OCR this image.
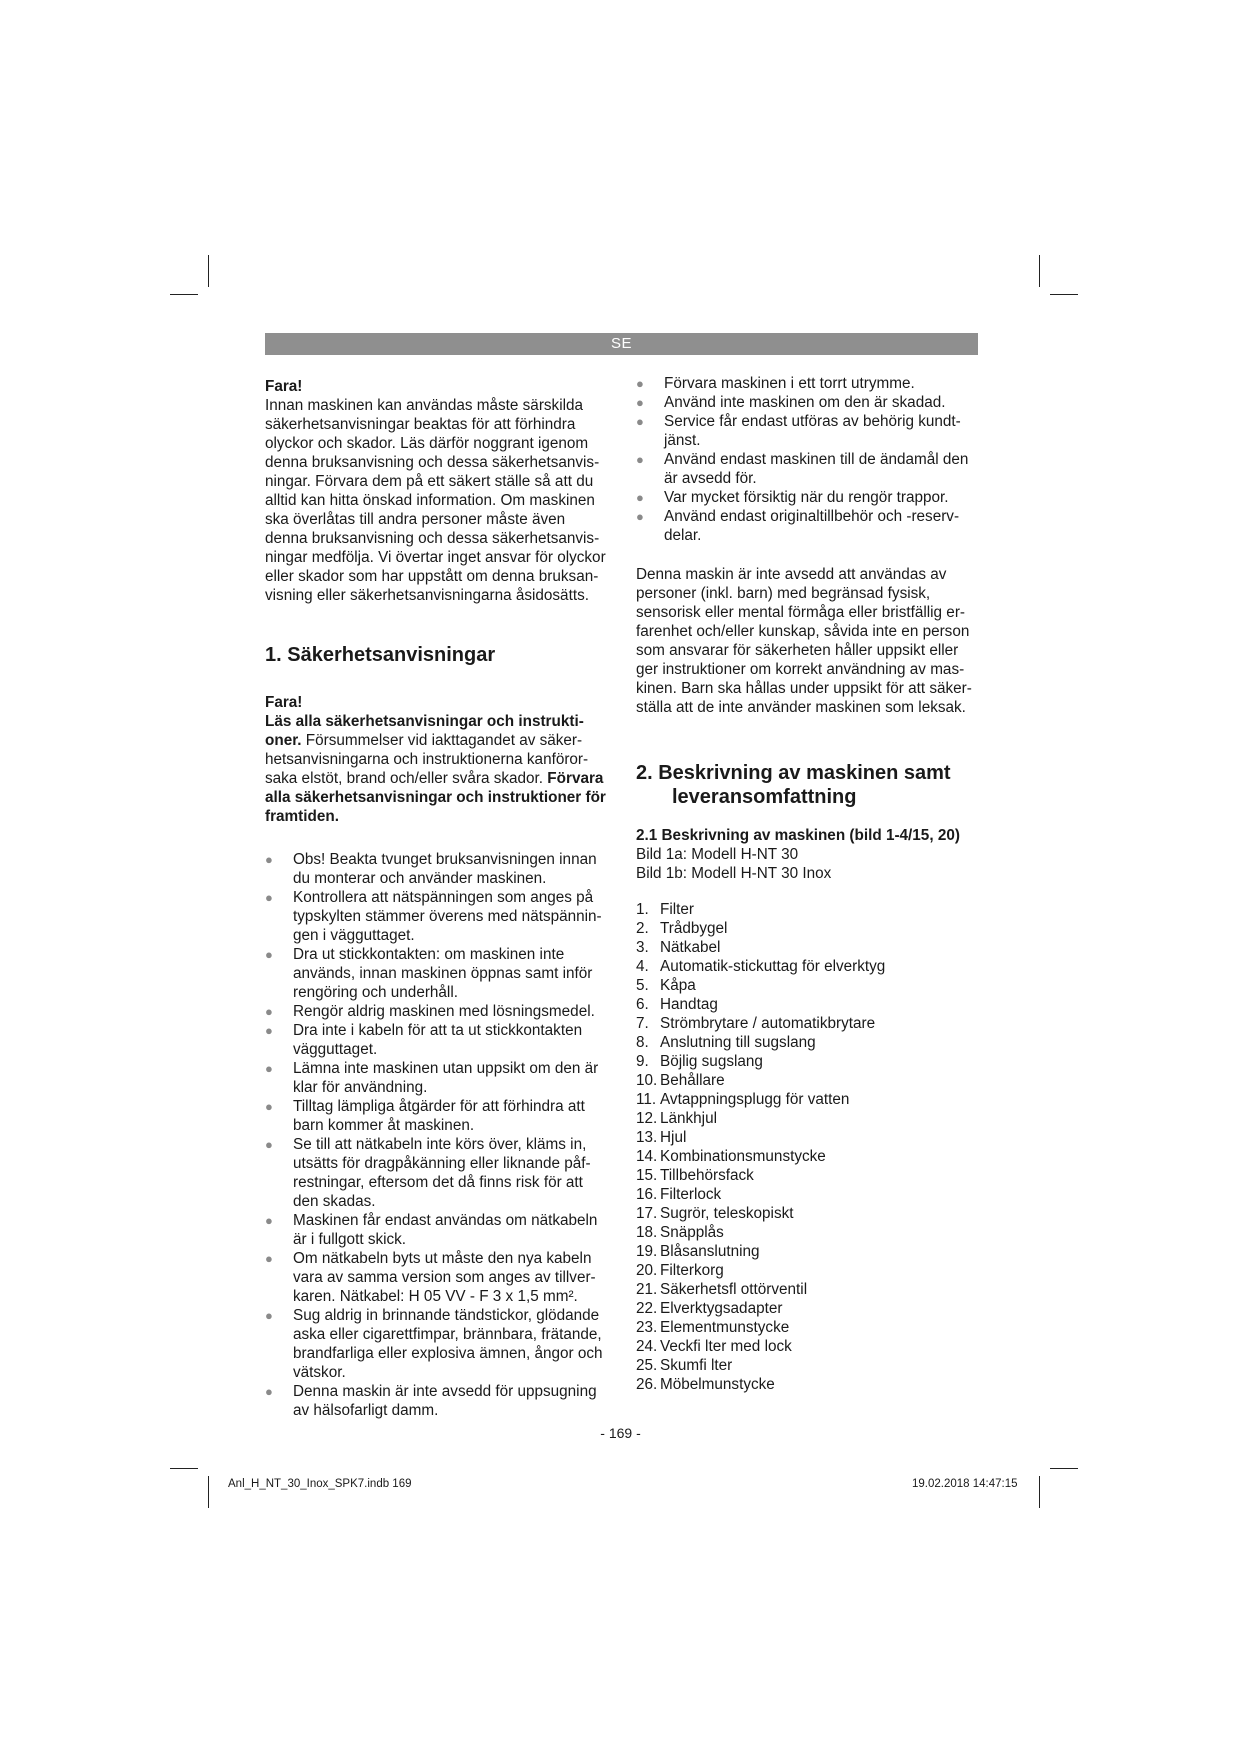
SE

Fara!

Innan maskinen kan användas måste särskilda säkerhetsanvisningar beaktas för att förhindra olyckor och skador. Läs därför noggrant igenom denna bruksanvisning och dessa säkerhetsanvis-ningar. Förvara dem på ett säkert ställe så att du alltid kan hitta önskad information. Om maskinen ska överlåtas till andra personer måste även denna bruksanvisning och dessa säkerhetsanvis-ningar medfölja. Vi övertar inget ansvar för olyckor eller skador som har uppstått om denna bruksan-visning eller säkerhetsanvisningarna åsidosätts.

1. Säkerhetsanvisningar

Fara!

Läs alla säkerhetsanvisningar och instrukti-oner. Försummelser vid iakttagandet av säker-hetsanvisningarna och instruktionerna kanföror-saka elstöt, brand och/eller svåra skador. Förvara alla säkerhetsanvisningar och instruktioner för framtiden.

●	Obs! Beakta tvunget bruksanvisningen innan du monterar och använder maskinen.
●	Kontrollera att nätspänningen som anges på typskylten stämmer överens med nätspännin-gen i vägguttaget.
●	Dra ut stickkontakten: om maskinen inte används, innan maskinen öppnas samt inför rengöring och underhåll.
●	Rengör aldrig maskinen med lösningsmedel.
●	Dra inte i kabeln för att ta ut stickkontakten vägguttaget.
●	Lämna inte maskinen utan uppsikt om den är klar för användning.
●	Tilltag lämpliga åtgärder för att förhindra att barn kommer åt maskinen.
●	Se till att nätkabeln inte körs över, kläms in, utsätts för dragpåkänning eller liknande påf-restningar, eftersom det då finns risk för att den skadas.
●	Maskinen får endast användas om nätkabeln är i fullgott skick.
●	Om nätkabeln byts ut måste den nya kabeln vara av samma version som anges av tillver-karen. Nätkabel: H 05 VV - F 3 x 1,5 mm².
●	Sug aldrig in brinnande tändstickor, glödande aska eller cigarettfimpar, brännbara, frätande, brandfarliga eller explosiva ämnen, ångor och vätskor.
●	Denna maskin är inte avsedd för uppsugning av hälsofarligt damm.
●	Förvara maskinen i ett torrt utrymme.
●	Använd inte maskinen om den är skadad.
●	Service får endast utföras av behörig kundt-jänst.
●	Använd endast maskinen till de ändamål den är avsedd för.
●	Var mycket försiktig när du rengör trappor.
●	Använd endast originaltillbehör och -reserv-delar.

Denna maskin är inte avsedd att användas av personer (inkl. barn) med begränsad fysisk, sensorisk eller mental förmåga eller bristfällig er-farenhet och/eller kunskap, såvida inte en person som ansvarar för säkerheten håller uppsikt eller ger instruktioner om korrekt användning av mas-kinen. Barn ska hållas under uppsikt för att säker-ställa att de inte använder maskinen som leksak.

2. Beskrivning av maskinen samt leveransomfattning

2.1 Beskrivning av maskinen (bild 1-4/15, 20)

Bild 1a: Modell H-NT 30

Bild 1b: Modell H-NT 30 Inox

1. Filter
2. Trådbygel
3. Nätkabel
4. Automatik-stickuttag för elverktyg
5. Kåpa
6. Handtag
7. Strömbrytare / automatikbrytare
8. Anslutning till sugslang
9. Böjlig sugslang
10. Behållare
11. Avtappningsplugg för vatten
12. Länkhjul
13. Hjul
14. Kombinationsmunstycke
15. Tillbehörsfack
16. Filterlock
17. Sugrör, teleskopiskt
18. Snäpplås
19. Blåsanslutning
20. Filterkorg
21. Säkerhetsfl ottörventil
22. Elverktygsadapter
23. Elementmunstycke
24. Veckfi lter med lock
25. Skumfi lter
26. Möbelmunstycke
- 169 -
Anl_H_NT_30_Inox_SPK7.indb 169	19.02.2018 14:47:15
